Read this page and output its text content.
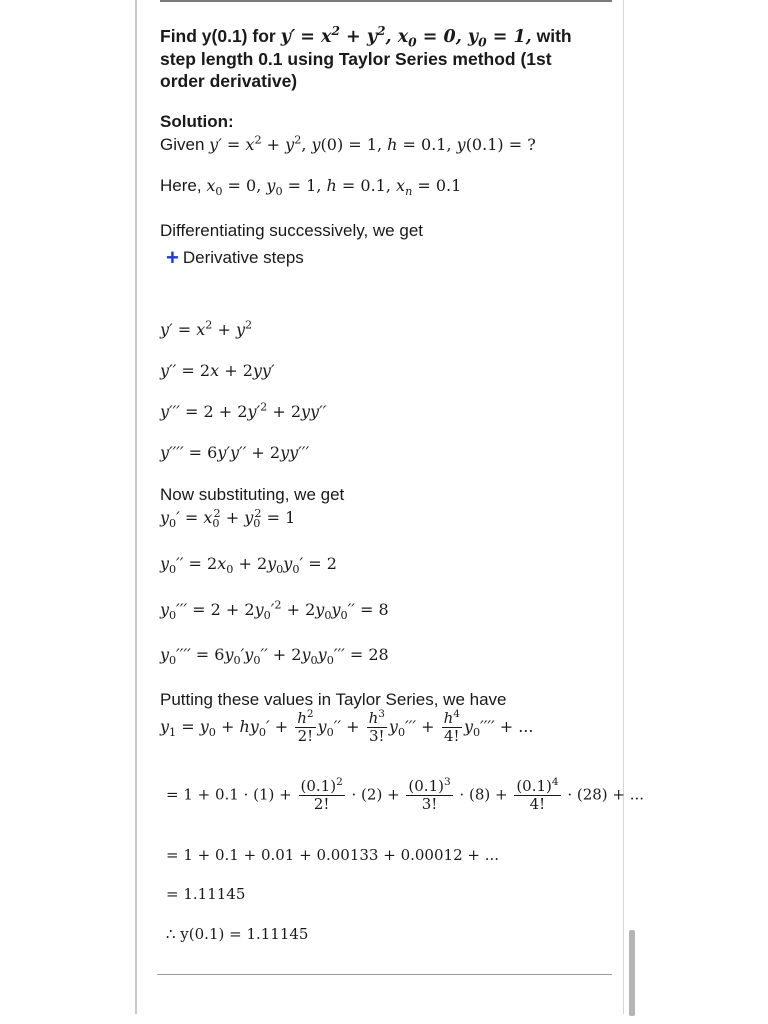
Find y(0.1) for $y' = x^2 + y^2$, $x_0 = 0$, $y_0 = 1$, with step length 0.1 using Taylor Series method (1st order derivative)
Solution:
Given $y' = x^2 + y^2$, y(0) = 1, h = 0.1, y(0.1) = ?
Here, $x_0 = 0$, $y_0 = 1$, h = 0.1, $x_n = 0.1$
Differentiating successively, we get
+ Derivative steps
$y' = x^2 + y^2$
y′′ = 2x + 2yy′
$y''' = 2 + 2y'^2 + 2yy''$
y′′′′ = 6y′y′′ + 2yy′′′
Now substituting, we get
$y_0' = x_0^2 + y_0^2 = 1$
$y_0'' = 2x_0 + 2y_0y_0' = 2$
$y_0''' = 2 + 2y_0'^2 + 2y_0y_0'' = 8$
$y_0'''' = 6y_0'y_0'' + 2y_0y_0''' = 28$
Putting these values in Taylor Series, we have
$y_1 = y_0 + hy_0' + \frac{h^2}{2!} y_0'' + \frac{h^3}{3!} y_0''' + \frac{h^4}{4!} y_0''''$ + ...
= $1 + 0.1 \cdot (1) + \frac{(0.1)^2}{2!} \cdot (2) + \frac{(0.1)^3}{3!} \cdot (8) + \frac{(0.1)^4}{4!} \cdot (28)$ + ...
= 1 + 0.1 + 0.01 + 0.00133 + 0.00012 + ...
= 1.11145
∴ y(0.1) = 1.11145
